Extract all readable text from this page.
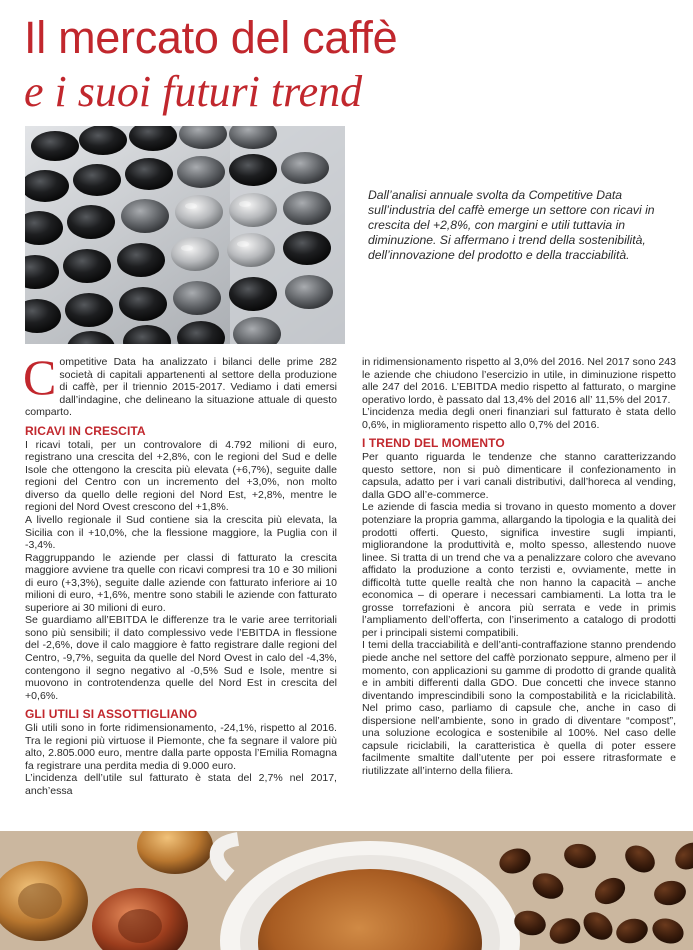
Il mercato del caffè
e i suoi futuri trend

Dall’analisi annuale svolta da Competitive Data sull’industria del caffè emerge un settore con ricavi in crescita del +2,8%, con margini e utili tuttavia in diminuzione. Si affermano i trend della sostenibilità, dell’innovazione del prodotto e della tracciabilità.

Competitive Data ha analizzato i bilanci delle prime 282 società di capitali appartenenti al settore della produzione di caffè, per il triennio 2015-2017. Vediamo i dati emersi dall’indagine, che delineano la situazione attuale di questo comparto.

RICAVI IN CRESCITA

I ricavi totali, per un controvalore di 4.792 milioni di euro, registrano una crescita del +2,8%, con le regioni del Sud e delle Isole che ottengono la crescita più elevata (+6,7%), seguite dalle regioni del Centro con un incremento del +3,0%, non molto diverso da quello delle regioni del Nord Est, +2,8%, mentre le regioni del Nord Ovest crescono del +1,8%.

A livello regionale il Sud contiene sia la crescita più elevata, la Sicilia con il +10,0%, che la flessione maggiore, la Puglia con il -3,4%.

Raggruppando le aziende per classi di fatturato la crescita maggiore avviene tra quelle con ricavi compresi tra 10 e 30 milioni di euro (+3,3%), seguite dalle aziende con fatturato inferiore ai 10 milioni di euro, +1,6%, mentre sono stabili le aziende con fatturato superiore ai 30 milioni di euro.

Se guardiamo all’EBITDA le differenze tra le varie aree territoriali sono più sensibili; il dato complessivo vede l’EBITDA in flessione del -2,6%, dove il calo maggiore è fatto registrare dalle regioni del Centro, -9,7%, seguita da quelle del Nord Ovest in calo del -4,3%, contengono il segno negativo al -0,5% Sud e Isole, mentre si muovono in controtendenza quelle del Nord Est in crescita del +0,6%.

GLI UTILI SI ASSOTTIGLIANO

Gli utili sono in forte ridimensionamento, -24,1%, rispetto al 2016. Tra le regioni più virtuose il Piemonte, che fa segnare il valore più alto, 2.805.000 euro, mentre dalla parte opposta l’Emilia Romagna fa registrare una perdita media di 9.000 euro.

L’incidenza dell’utile sul fatturato è stata del 2,7% nel 2017, anch’essa

in ridimensionamento rispetto al 3,0% del 2016. Nel 2017 sono 243 le aziende che chiudono l’esercizio in utile, in diminuzione rispetto alle 247 del 2016. L’EBITDA medio rispetto al fatturato, o margine operativo lordo, è passato dal 13,4% del 2016 all’ 11,5% del 2017.

L’incidenza media degli oneri finanziari sul fatturato è stata dello 0,6%, in miglioramento rispetto allo 0,7% del 2016.

I TREND DEL MOMENTO

Per quanto riguarda le tendenze che stanno caratterizzando questo settore, non si può dimenticare il confezionamento in capsula, adatto per i vari canali distributivi, dall’horeca al vending, dalla GDO all’e-commerce.

Le aziende di fascia media si trovano in questo momento a dover potenziare la propria gamma, allargando la tipologia e la qualità dei prodotti offerti. Questo, significa investire sugli impianti, migliorandone la produttività e, molto spesso, allestendo nuove linee. Si tratta di un trend che va a penalizzare coloro che avevano affidato la produzione a conto terzisti e, ovviamente, mette in difficoltà tutte quelle realtà che non hanno la capacità – anche economica – di operare i necessari cambiamenti. La lotta tra le grosse torrefazioni è ancora più serrata e vede in primis l’ampliamento dell’offerta, con l’inserimento a catalogo di prodotti per i principali sistemi compatibili.

I temi della tracciabilità e dell’anti-contraffazione stanno prendendo piede anche nel settore del caffè porzionato seppure, almeno per il momento, con applicazioni su gamme di prodotto di grande qualità e in ambiti differenti dalla GDO. Due concetti che invece stanno diventando imprescindibili sono la compostabilità e la riciclabilità. Nel primo caso, parliamo di capsule che, anche in caso di dispersione nell’ambiente, sono in grado di diventare “compost”, una soluzione ecologica e sostenibile al 100%. Nel caso delle capsule riciclabili, la caratteristica è quella di poter essere facilmente smaltite dall’utente per poi essere ritrasformate e riutilizzate all’interno della filiera.
